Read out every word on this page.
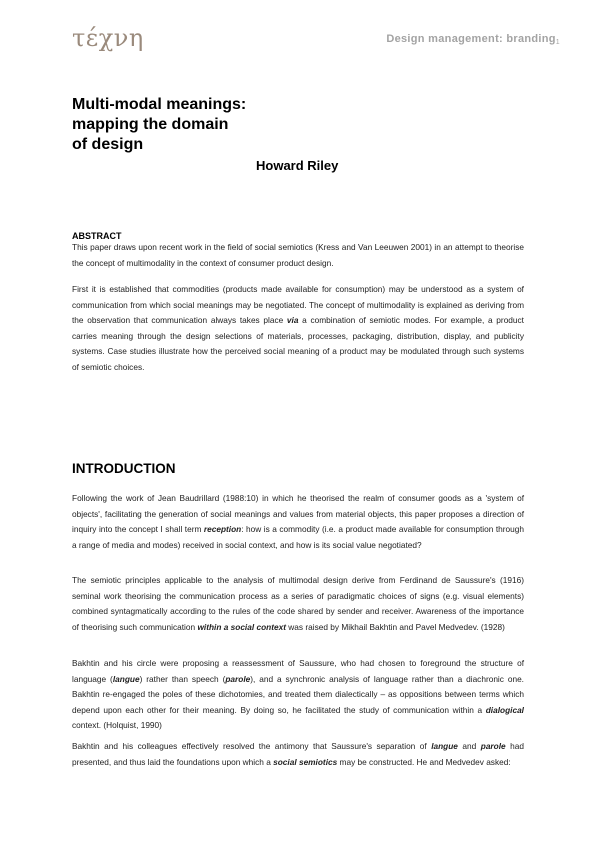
τέχνη	Design management: branding1
Multi-modal meanings:
mapping the domain
of design
Howard Riley
ABSTRACT

This paper draws upon recent work in the field of social semiotics (Kress and Van Leeuwen 2001) in an attempt to theorise the concept of multimodality in the context of consumer product design.

First it is established that commodities (products made available for consumption) may be understood as a system of communication from which social meanings may be negotiated. The concept of multimodality is explained as deriving from the observation that communication always takes place via a combination of semiotic modes. For example, a product carries meaning through the design selections of materials, processes, packaging, distribution, display, and publicity systems. Case studies illustrate how the perceived social meaning of a product may be modulated through such systems of semiotic choices.

INTRODUCTION

Following the work of Jean Baudrillard (1988:10) in which he theorised the realm of consumer goods as a 'system of objects', facilitating the generation of social meanings and values from material objects, this paper proposes a direction of inquiry into the concept I shall term reception: how is a commodity (i.e. a product made available for consumption through a range of media and modes) received in social context, and how is its social value negotiated?

The semiotic principles applicable to the analysis of multimodal design derive from Ferdinand de Saussure's (1916) seminal work theorising the communication process as a series of paradigmatic choices of signs (e.g. visual elements) combined syntagmatically according to the rules of the code shared by sender and receiver. Awareness of the importance of theorising such communication within a social context was raised by Mikhail Bakhtin and Pavel Medvedev. (1928)

Bakhtin and his circle were proposing a reassessment of Saussure, who had chosen to foreground the structure of language (langue) rather than speech (parole), and a synchronic analysis of language rather than a diachronic one. Bakhtin re-engaged the poles of these dichotomies, and treated them dialectically – as oppositions between terms which depend upon each other for their meaning. By doing so, he facilitated the study of communication within a dialogical context. (Holquist, 1990)

Bakhtin and his colleagues effectively resolved the antimony that Saussure's separation of langue and parole had presented, and thus laid the foundations upon which a social semiotics may be constructed. He and Medvedev asked:
